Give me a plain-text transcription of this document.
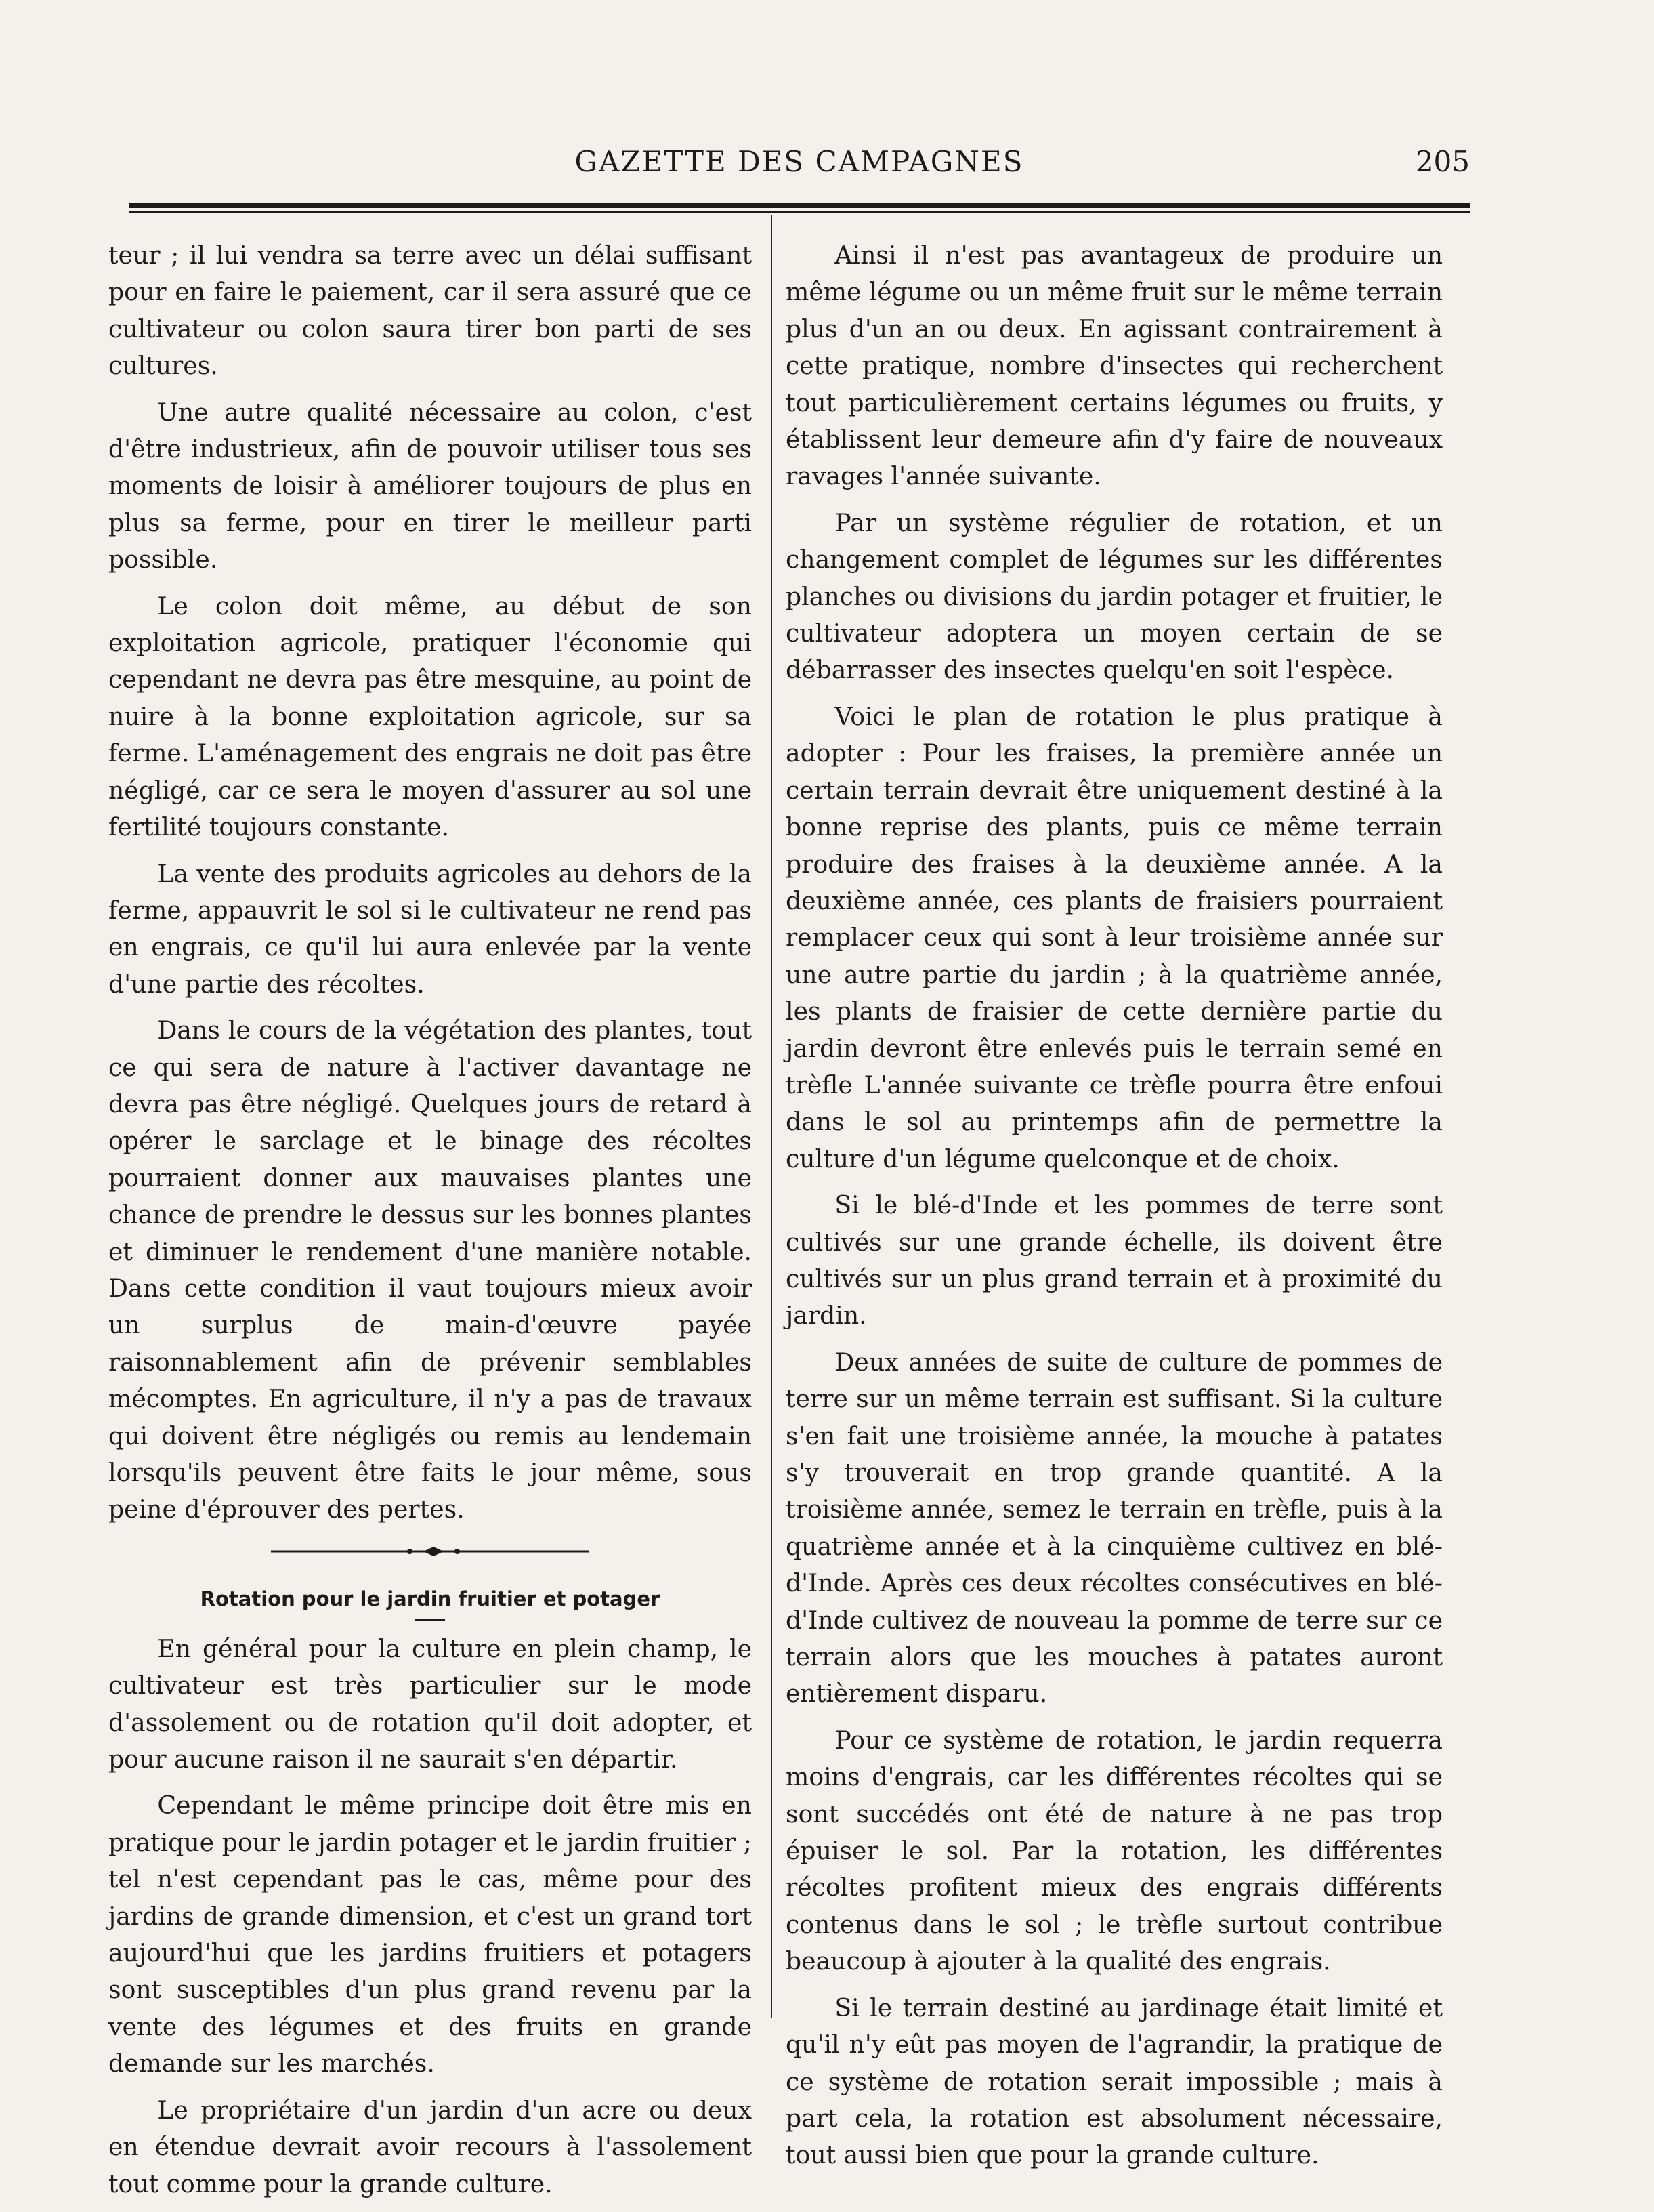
GAZETTE DES CAMPAGNES	205

teur ; il lui vendra sa terre avec un délai suffisant pour en faire le paiement, car il sera assuré que ce cultivateur ou colon saura tirer bon parti de ses cultures.

Une autre qualité nécessaire au colon, c'est d'être industrieux, afin de pouvoir utiliser tous ses moments de loisir à améliorer toujours de plus en plus sa ferme, pour en tirer le meilleur parti possible.

Le colon doit même, au début de son exploitation agricole, pratiquer l'économie qui cependant ne devra pas être mesquine, au point de nuire à la bonne exploitation agricole, sur sa ferme. L'aménagement des engrais ne doit pas être négligé, car ce sera le moyen d'assurer au sol une fertilité toujours constante.

La vente des produits agricoles au dehors de la ferme, appauvrit le sol si le cultivateur ne rend pas en engrais, ce qu'il lui aura enlevée par la vente d'une partie des récoltes.

Dans le cours de la végétation des plantes, tout ce qui sera de nature à l'activer davantage ne devra pas être négligé. Quelques jours de retard à opérer le sarclage et le binage des récoltes pourraient donner aux mauvaises plantes une chance de prendre le dessus sur les bonnes plantes et diminuer le rendement d'une manière notable. Dans cette condition il vaut toujours mieux avoir un surplus de main-d'œuvre payée raisonnablement afin de prévenir semblables mécomptes. En agriculture, il n'y a pas de travaux qui doivent être négligés ou remis au lendemain lorsqu'ils peuvent être faits le jour même, sous peine d'éprouver des pertes.

Rotation pour le jardin fruitier et potager

En général pour la culture en plein champ, le cultivateur est très particulier sur le mode d'assolement ou de rotation qu'il doit adopter, et pour aucune raison il ne saurait s'en départir.

Cependant le même principe doit être mis en pratique pour le jardin potager et le jardin fruitier ; tel n'est cependant pas le cas, même pour des jardins de grande dimension, et c'est un grand tort aujourd'hui que les jardins fruitiers et potagers sont susceptibles d'un plus grand revenu par la vente des légumes et des fruits en grande demande sur les marchés.

Le propriétaire d'un jardin d'un acre ou deux en étendue devrait avoir recours à l'assolement tout comme pour la grande culture.

Ainsi il n'est pas avantageux de produire un même légume ou un même fruit sur le même terrain plus d'un an ou deux. En agissant contrairement à cette pratique, nombre d'insectes qui recherchent tout particulièrement certains légumes ou fruits, y établissent leur demeure afin d'y faire de nouveaux ravages l'année suivante.

Par un système régulier de rotation, et un changement complet de légumes sur les différentes planches ou divisions du jardin potager et fruitier, le cultivateur adoptera un moyen certain de se débarrasser des insectes quelqu'en soit l'espèce.

Voici le plan de rotation le plus pratique à adopter : Pour les fraises, la première année un certain terrain devrait être uniquement destiné à la bonne reprise des plants, puis ce même terrain produire des fraises à la deuxième année. A la deuxième année, ces plants de fraisiers pourraient remplacer ceux qui sont à leur troisième année sur une autre partie du jardin ; à la quatrième année, les plants de fraisier de cette dernière partie du jardin devront être enlevés puis le terrain semé en trèfle L'année suivante ce trèfle pourra être enfoui dans le sol au printemps afin de permettre la culture d'un légume quelconque et de choix.

Si le blé-d'Inde et les pommes de terre sont cultivés sur une grande échelle, ils doivent être cultivés sur un plus grand terrain et à proximité du jardin.

Deux années de suite de culture de pommes de terre sur un même terrain est suffisant. Si la culture s'en fait une troisième année, la mouche à patates s'y trouverait en trop grande quantité. A la troisième année, semez le terrain en trèfle, puis à la quatrième année et à la cinquième cultivez en blé-d'Inde. Après ces deux récoltes consécutives en blé-d'Inde cultivez de nouveau la pomme de terre sur ce terrain alors que les mouches à patates auront entièrement disparu.

Pour ce système de rotation, le jardin requerra moins d'engrais, car les différentes récoltes qui se sont succédés ont été de nature à ne pas trop épuiser le sol. Par la rotation, les différentes récoltes profitent mieux des engrais différents contenus dans le sol ; le trèfle surtout contribue beaucoup à ajouter à la qualité des engrais.

Si le terrain destiné au jardinage était limité et qu'il n'y eût pas moyen de l'agrandir, la pratique de ce système de rotation serait impossible ; mais à part cela, la rotation est absolument nécessaire, tout aussi bien que pour la grande culture.
